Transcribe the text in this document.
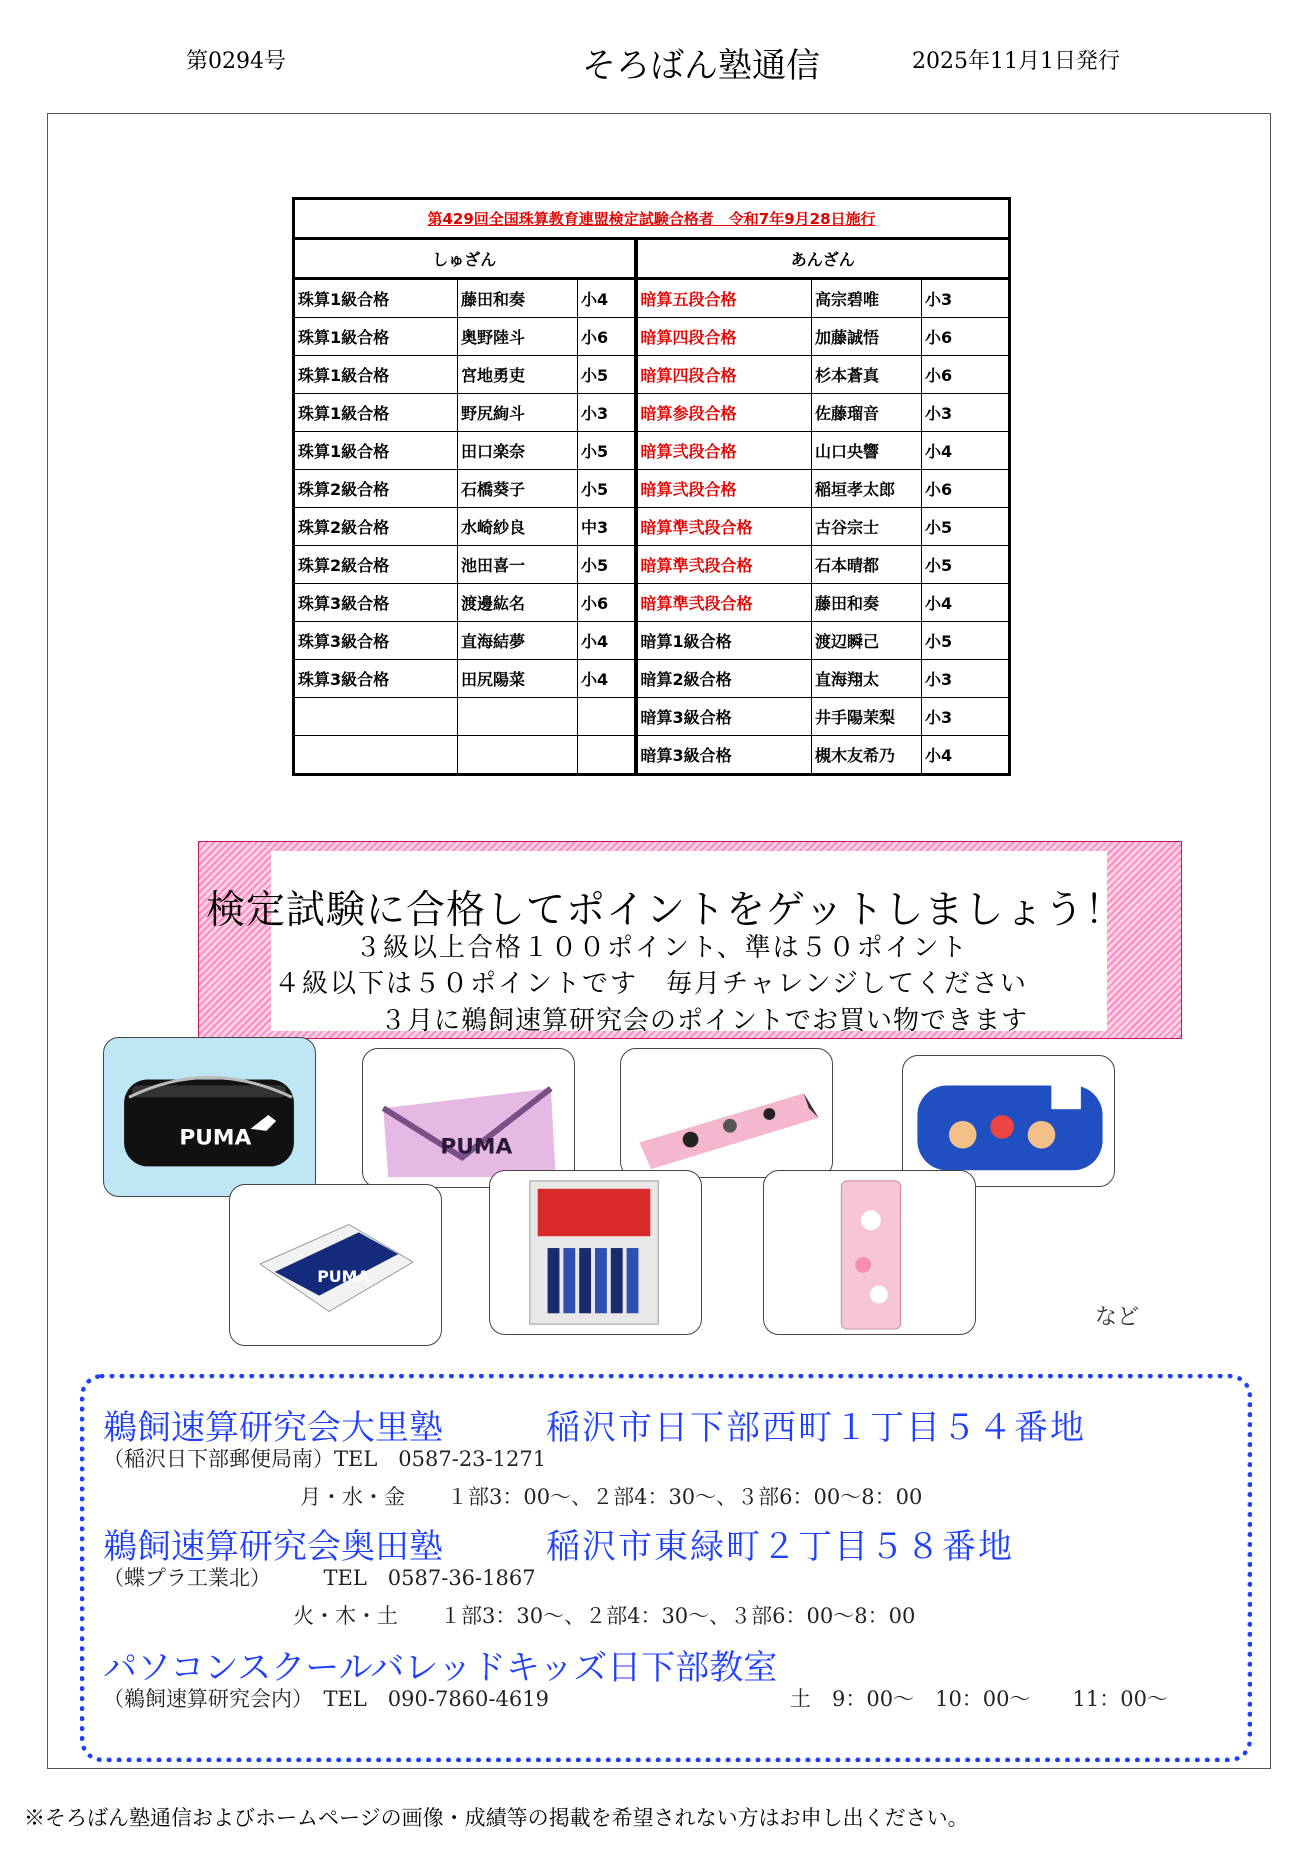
第0294号	そろばん塾通信	2025年11月1日発行
第429回全国珠算教育連盟検定試験合格者　令和7年9月28日施行					
しゅざん			あんざん		
珠算1級合格	藤田和奏	小4	暗算五段合格	高宗碧唯	小3
珠算1級合格	奥野陸斗	小6	暗算四段合格	加藤誠悟	小6
珠算1級合格	宮地勇吏	小5	暗算四段合格	杉本蒼真	小6
珠算1級合格	野尻絢斗	小3	暗算参段合格	佐藤瑠音	小3
珠算1級合格	田口楽奈	小5	暗算弐段合格	山口央響	小4
珠算2級合格	石橋葵子	小5	暗算弐段合格	稲垣孝太郎	小6
珠算2級合格	水崎紗良	中3	暗算準弐段合格	古谷宗士	小5
珠算2級合格	池田喜一	小5	暗算準弐段合格	石本晴都	小5
珠算3級合格	渡邊紘名	小6	暗算準弐段合格	藤田和奏	小4
珠算3級合格	直海結夢	小4	暗算1級合格	渡辺瞬己	小5
珠算3級合格	田尻陽菜	小4	暗算2級合格	直海翔太	小3
			暗算3級合格	井手陽茉梨	小3
			暗算3級合格	槻木友希乃	小4
検定試験に合格してポイントをゲットしましょう！
３級以上合格１００ポイント、準は５０ポイント
４級以下は５０ポイントです　毎月チャレンジしてください
３月に鵜飼速算研究会のポイントでお買い物できます
PUMA	PUMA
PUMA
など
鵜飼速算研究会大里塾	稲沢市日下部西町１丁目５４番地
（稲沢日下部郵便局南）TEL　0587-23-1271
月・水・金　　１部3：00～、２部4：30～、３部6：00～8：00
鵜飼速算研究会奥田塾	稲沢市東緑町２丁目５８番地
（蝶プラ工業北）　　　TEL　0587-36-1867
火・木・土　　１部3：30～、２部4：30～、３部6：00～8：00
パソコンスクールバレッドキッズ日下部教室
（鵜飼速算研究会内）　TEL　090-7860-4619	土　9：00～　10：00～　　11：00～
※そろばん塾通信およびホームページの画像・成績等の掲載を希望されない方はお申し出ください。
